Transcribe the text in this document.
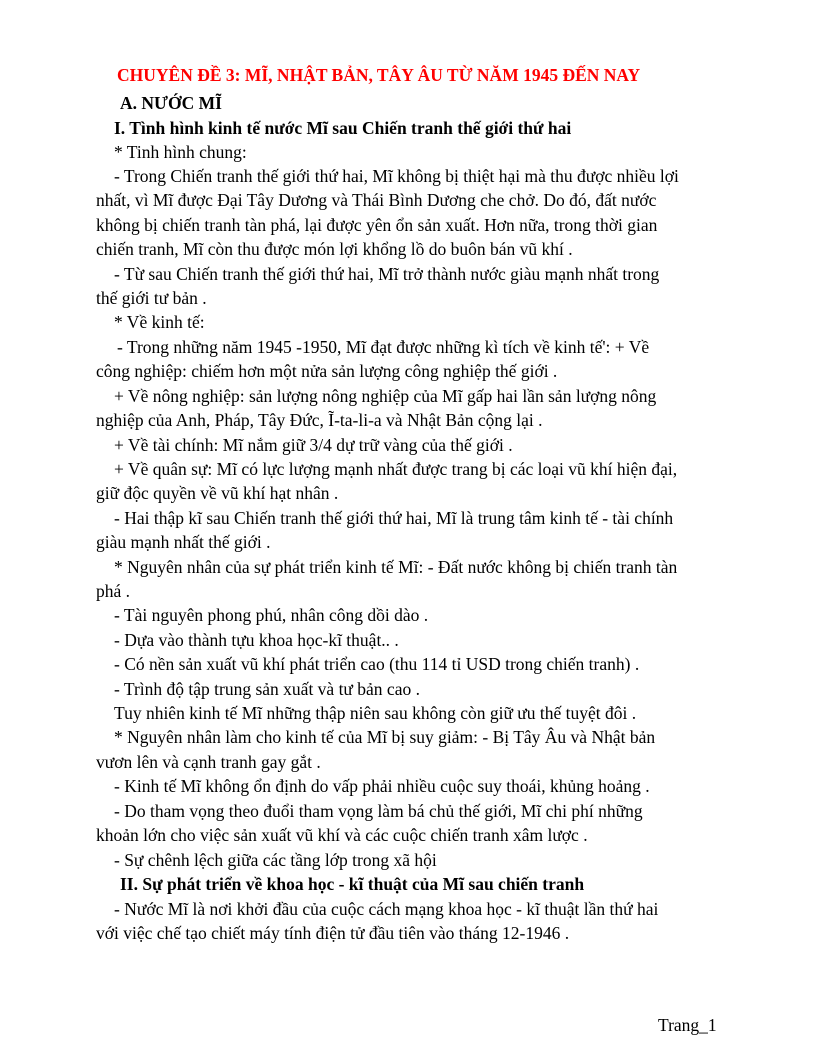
CHUYÊN ĐỀ 3: MĨ, NHẬT BẢN, TÂY ÂU TỪ NĂM 1945 ĐẾN NAY

A. NƯỚC MĨ

I. Tình hình kinh tế nước Mĩ sau Chiến tranh thế giới thứ hai

* Tinh hình chung:

- Trong Chiến tranh thế giới thứ hai, Mĩ không bị thiệt hại mà thu được nhiều lợi

nhất, vì Mĩ được Đại Tây Dương và Thái Bình Dương che chở. Do đó, đất nước

không bị chiến tranh tàn phá, lại được yên ổn sản xuất. Hơn nữa, trong thời gian

chiến tranh, Mĩ còn thu được món lợi khổng lồ do buôn bán vũ khí .

- Từ sau Chiến tranh thế giới thứ hai, Mĩ trở thành nước giàu mạnh nhất trong

thế giới tư bản .

* Về kinh tế:

- Trong những năm 1945 -1950, Mĩ đạt được những kì tích về kinh tế': + Về

công nghiệp: chiếm hơn một nửa sản lượng công nghiệp thế giới .

+ Về nông nghiệp: sản lượng nông nghiệp của Mĩ gấp hai lần sản lượng nông

nghiệp của Anh, Pháp, Tây Đức, Ĩ-ta-li-a và Nhật Bản cộng lại .

+ Về tài chính: Mĩ nắm giữ 3/4 dự trữ vàng của thế giới .

+ Về quân sự: Mĩ có lực lượng mạnh nhất được trang bị các loại vũ khí hiện đại,

giữ độc quyền về vũ khí hạt nhân .

- Hai thập kĩ sau Chiến tranh thế giới thứ hai, Mĩ là trung tâm kinh tế - tài chính

giàu mạnh nhất thế giới .

* Nguyên nhân của sự phát triển kinh tế Mĩ: - Đất nước không bị chiến tranh tàn

phá .

- Tài nguyên phong phú, nhân công dồi dào .

- Dựa vào thành tựu khoa học-kĩ thuật.. .

- Có nền sản xuất vũ khí phát triển cao (thu 114 tỉ USD trong chiến tranh) .

- Trình độ tập trung sản xuất và tư bản cao .

Tuy nhiên kinh tế Mĩ những thập niên sau không còn giữ ưu thế tuyệt đôi .

* Nguyên nhân làm cho kinh tế của Mĩ bị suy giảm: - Bị Tây Âu và Nhật bản

vươn lên và cạnh tranh gay gắt .

- Kinh tế Mĩ không ổn định do vấp phải nhiều cuộc suy thoái, khủng hoảng .

- Do tham vọng theo đuổi tham vọng làm bá chủ thế giới, Mĩ chi phí những

khoản lớn cho việc sản xuất vũ khí và các cuộc chiến tranh xâm lược .

- Sự chênh lệch giữa các tầng lớp trong xã hội

II. Sự phát triển về khoa học - kĩ thuật của Mĩ sau chiến tranh

- Nước Mĩ là nơi khởi đầu của cuộc cách mạng khoa học - kĩ thuật lần thứ hai

với việc chế tạo chiết máy tính điện tử đầu tiên vào tháng 12-1946 .

Trang_1
